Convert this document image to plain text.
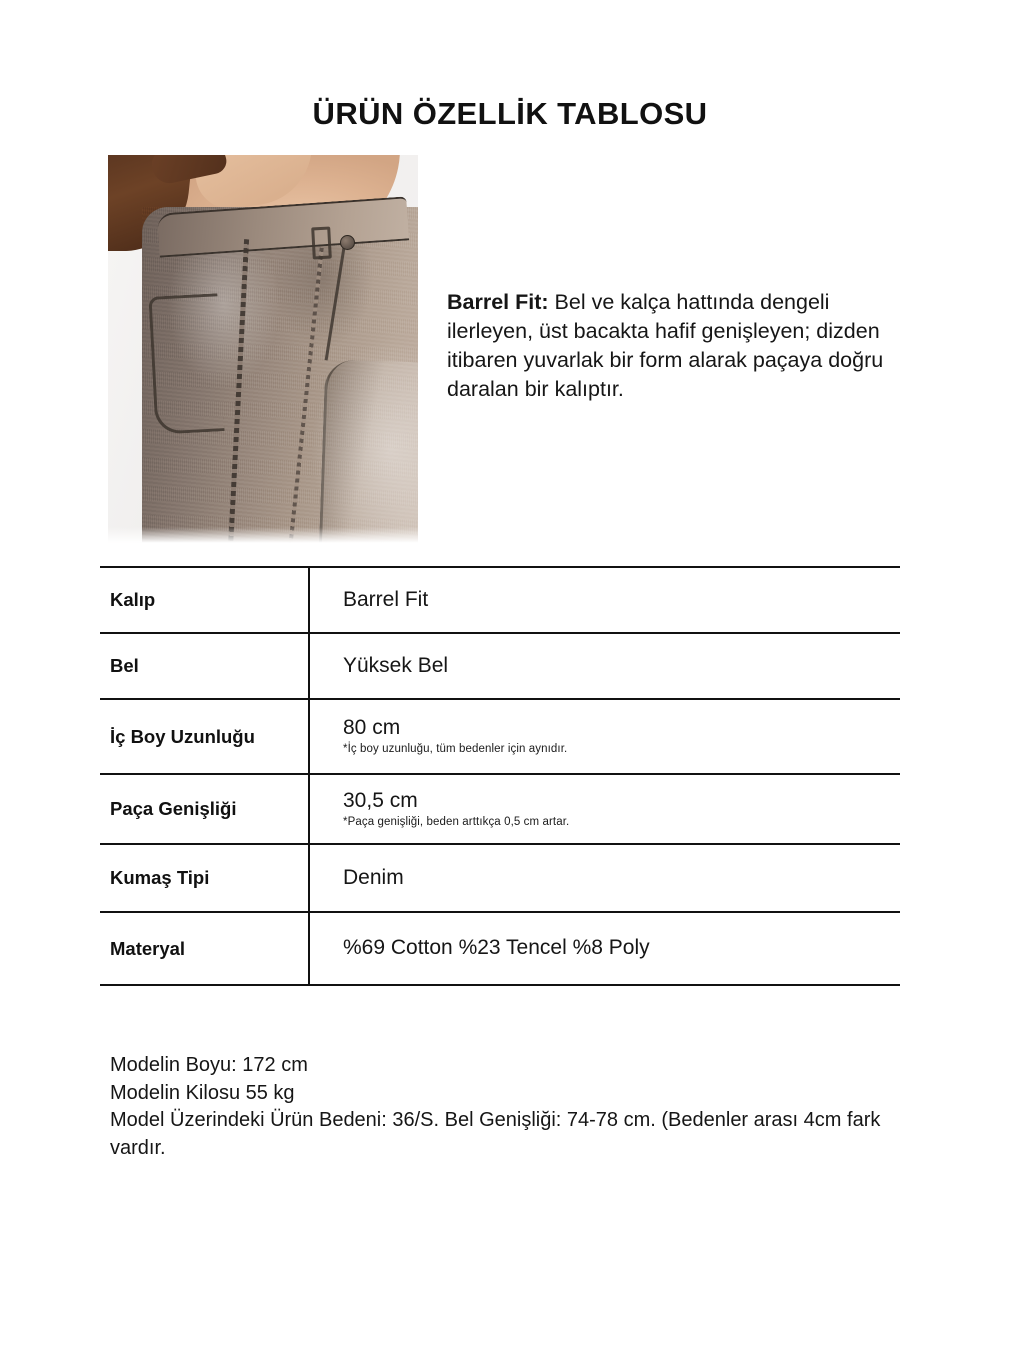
ÜRÜN ÖZELLİK TABLOSU
Barrel Fit: Bel ve kalça hattında dengeli ilerleyen, üst bacakta hafif genişleyen; dizden itibaren yuvarlak bir form alarak paçaya doğru daralan bir kalıptır.
Kalıp	Barrel Fit
Bel	Yüksek Bel
İç Boy Uzunluğu	80 cm
*İç boy uzunluğu, tüm bedenler için aynıdır.
Paça Genişliği	30,5 cm
*Paça genişliği, beden arttıkça 0,5 cm artar.
Kumaş Tipi	Denim
Materyal	%69 Cotton %23 Tencel %8 Poly
Modelin Boyu: 172 cm
Modelin Kilosu 55 kg
Model Üzerindeki Ürün Bedeni: 36/S. Bel Genişliği: 74-78 cm. (Bedenler arası 4cm fark vardır.
